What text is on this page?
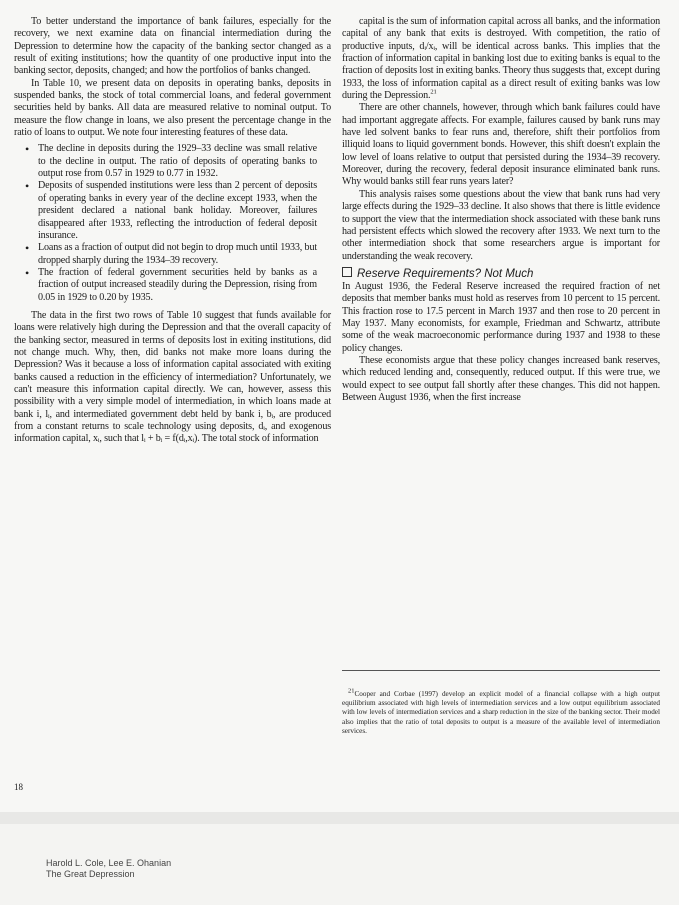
To better understand the importance of bank failures, especially for the recovery, we next examine data on financial intermediation during the Depression to determine how the capacity of the banking sector changed as a result of exiting institutions; how the quantity of one productive input into the banking sector, deposits, changed; and how the portfolios of banks changed.

In Table 10, we present data on deposits in operating banks, deposits in suspended banks, the stock of total commercial loans, and federal government securities held by banks. All data are measured relative to nominal output. To measure the flow change in loans, we also present the percentage change in the ratio of loans to output. We note four interesting features of these data.

• The decline in deposits during the 1929–33 decline was small relative to the decline in output. The ratio of deposits of operating banks to output rose from 0.57 in 1929 to 0.77 in 1932.
• Deposits of suspended institutions were less than 2 percent of deposits of operating banks in every year of the decline except 1933, when the president declared a national bank holiday. Moreover, failures disappeared after 1933, reflecting the introduction of federal deposit insurance.
• Loans as a fraction of output did not begin to drop much until 1933, but dropped sharply during the 1934–39 recovery.
• The fraction of federal government securities held by banks as a fraction of output increased steadily during the Depression, rising from 0.05 in 1929 to 0.20 by 1935.

The data in the first two rows of Table 10 suggest that funds available for loans were relatively high during the Depression and that the overall capacity of the banking sector, measured in terms of deposits lost in exiting institutions, did not change much. Why, then, did banks not make more loans during the Depression? Was it because a loss of information capital associated with exiting banks caused a reduction in the efficiency of intermediation? Unfortunately, we can't measure this information capital directly. We can, however, assess this possibility with a very simple model of intermediation, in which loans made at bank i, lᵢ, and intermediated government debt held by bank i, bᵢ, are produced from a constant returns to scale technology using deposits, dᵢ, and exogenous information capital, xᵢ, such that lᵢ + bᵢ = f(dᵢ,xᵢ). The total stock of information

capital is the sum of information capital across all banks, and the information capital of any bank that exits is destroyed. With competition, the ratio of productive inputs, dᵢ/xᵢ, will be identical across banks. This implies that the fraction of information capital in banking lost due to exiting banks is equal to the fraction of deposits lost in exiting banks. Theory thus suggests that, except during 1933, the loss of information capital as a direct result of exiting banks was low during the Depression.$^{21}$

There are other channels, however, through which bank failures could have had important aggregate affects. For example, failures caused by bank runs may have led solvent banks to fear runs and, therefore, shift their portfolios from illiquid loans to liquid government bonds. However, this shift doesn't explain the low level of loans relative to output that persisted during the 1934–39 recovery. Moreover, during the recovery, federal deposit insurance eliminated bank runs. Why would banks still fear runs years later?

This analysis raises some questions about the view that bank runs had very large effects during the 1929–33 decline. It also shows that there is little evidence to support the view that the intermediation shock associated with these bank runs had persistent effects which slowed the recovery after 1933. We next turn to the other intermediation shock that some researchers argue is important for understanding the weak recovery.

Reserve Requirements? Not Much

In August 1936, the Federal Reserve increased the required fraction of net deposits that member banks must hold as reserves from 10 percent to 15 percent. This fraction rose to 17.5 percent in March 1937 and then rose to 20 percent in May 1937. Many economists, for example, Friedman and Schwartz, attribute some of the weak macroeconomic performance during 1937 and 1938 to these policy changes.

These economists argue that these policy changes increased bank reserves, which reduced lending and, consequently, reduced output. If this were true, we would expect to see output fall shortly after these changes. This did not happen. Between August 1936, when the first increase

$^{21}$Cooper and Corbae (1997) develop an explicit model of a financial collapse with a high output equilibrium associated with high levels of intermediation services and a low output equilibrium associated with low levels of intermediation services and a sharp reduction in the size of the banking sector. Their model also implies that the ratio of total deposits to output is a measure of the available level of intermediation services.

18
Harold L. Cole, Lee E. Ohanian
The Great Depression
